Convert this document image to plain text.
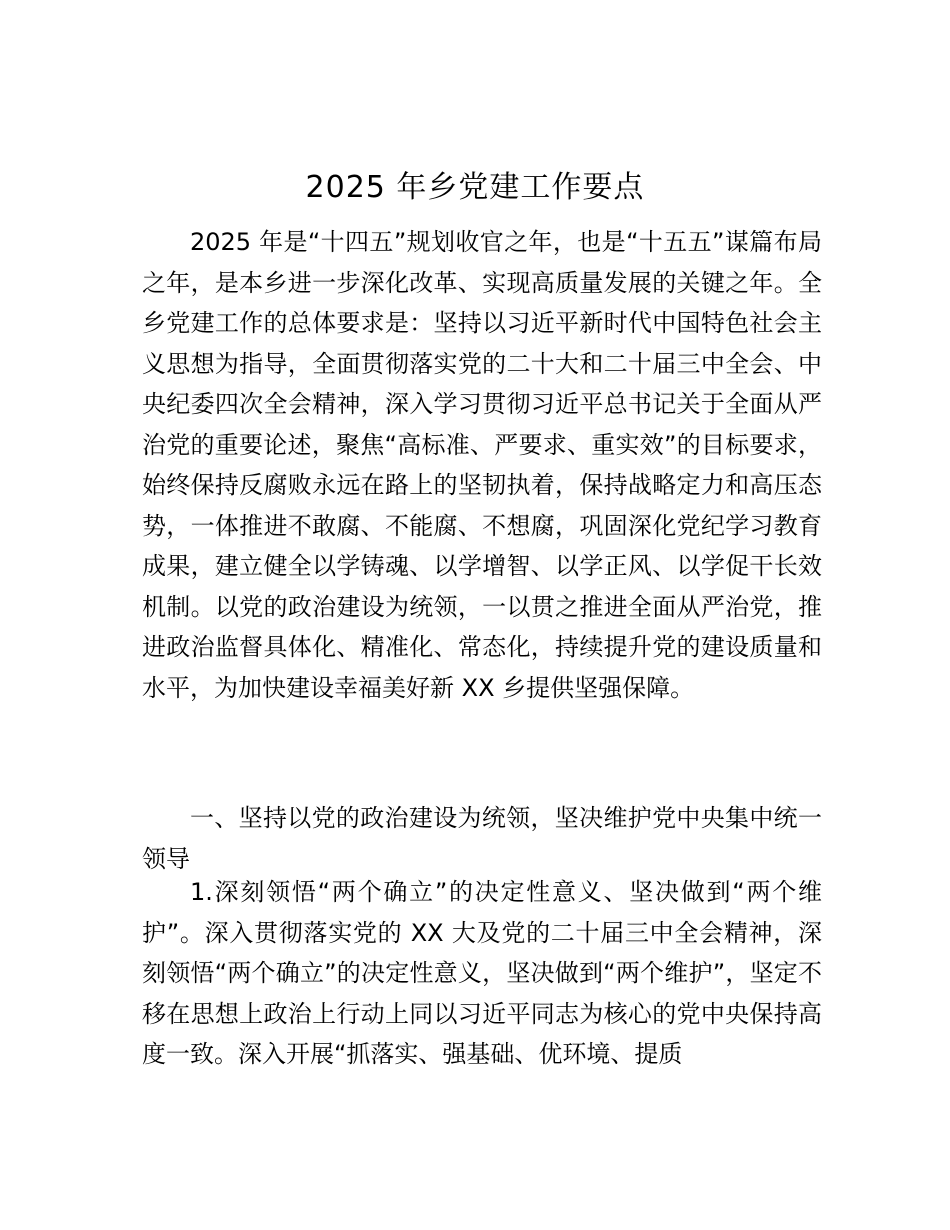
2025 年乡党建工作要点

2025 年是“十四五”规划收官之年，也是“十五五”谋篇布局之年，是本乡进一步深化改革、实现高质量发展的关键之年。全乡党建工作的总体要求是：坚持以习近平新时代中国特色社会主义思想为指导，全面贯彻落实党的二十大和二十届三中全会、中央纪委四次全会精神，深入学习贯彻习近平总书记关于全面从严治党的重要论述，聚焦“高标准、严要求、重实效”的目标要求，始终保持反腐败永远在路上的坚韧执着，保持战略定力和高压态势，一体推进不敢腐、不能腐、不想腐，巩固深化党纪学习教育成果，建立健全以学铸魂、以学增智、以学正风、以学促干长效机制。以党的政治建设为统领，一以贯之推进全面从严治党，推进政治监督具体化、精准化、常态化，持续提升党的建设质量和水平，为加快建设幸福美好新 XX 乡提供坚强保障。

一、坚持以党的政治建设为统领，坚决维护党中央集中统一领导

1.深刻领悟“两个确立”的决定性意义、坚决做到“两个维护”。深入贯彻落实党的 XX 大及党的二十届三中全会精神，深刻领悟“两个确立”的决定性意义，坚决做到“两个维护”，坚定不移在思想上政治上行动上同以习近平同志为核心的党中央保持高度一致。深入开展“抓落实、强基础、优环境、提质
